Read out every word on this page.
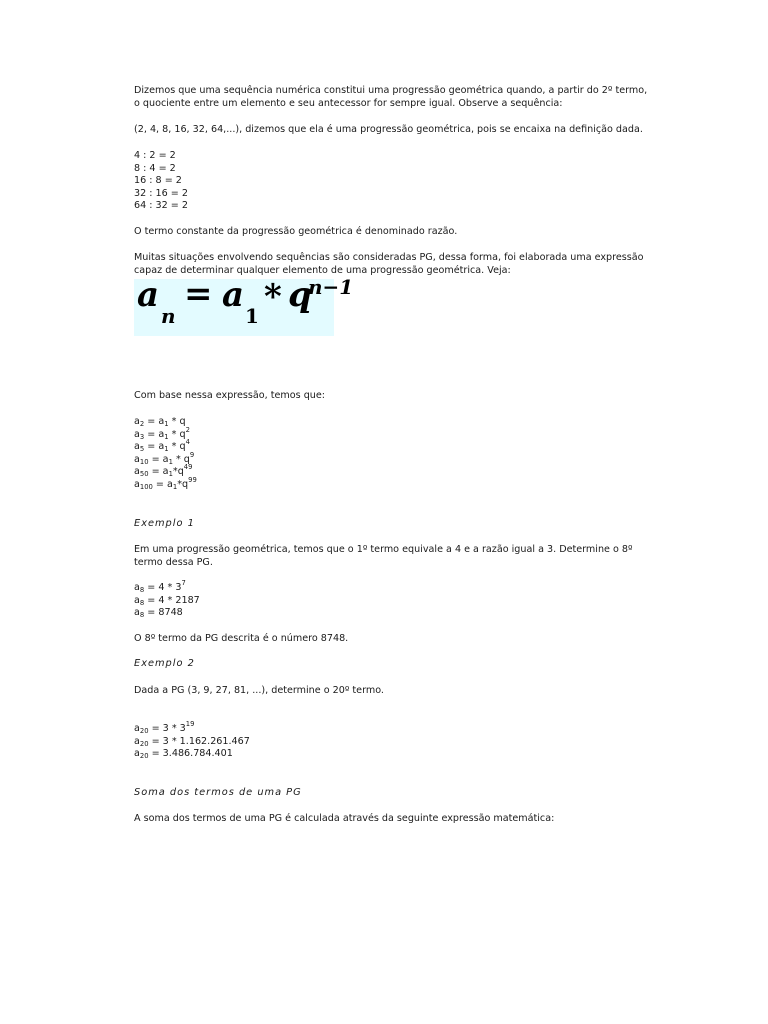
Dizemos que uma sequência numérica constitui uma progressão geométrica quando, a partir do 2º termo,
o quociente entre um elemento e seu antecessor for sempre igual. Observe a sequência:
(2, 4, 8, 16, 32, 64,...), dizemos que ela é uma progressão geométrica, pois se encaixa na definição dada.
4 : 2 = 2
8 : 4 = 2
16 : 8 = 2
32 : 16 = 2
64 : 32 = 2
O termo constante da progressão geométrica é denominado razão.
Muitas situações envolvendo sequências são consideradas PG, dessa forma, foi elaborada uma expressão
capaz de determinar qualquer elemento de uma progressão geométrica. Veja:
a
n
= a
1 * q
n−1
Com base nessa expressão, temos que:
$a_2 = a_1 * q$
$a_3 = a_1 * q^2$
$a_5 = a_1 * q^4$
$a_{10} = a_1 * q^9$
$a_{50} = a_1*q^{49}$
$a_{100} = a_1*q^{99}$
Exemplo 1
Em uma progressão geométrica, temos que o 1º termo equivale a 4 e a razão igual a 3. Determine o 8º
termo dessa PG.
$a_8 = 4 * 3^7$
$a_8 = 4 * 2187$
$a_8 = 8748$
O 8º termo da PG descrita é o número 8748.
Exemplo 2
Dada a PG (3, 9, 27, 81, ...), determine o 20º termo.
$a_{20} = 3 * 3^{19}$
$a_{20} = 3 * 1.162.261.467$
$a_{20} = 3.486.784.401$
Soma dos termos de uma PG
A soma dos termos de uma PG é calculada através da seguinte expressão matemática:
